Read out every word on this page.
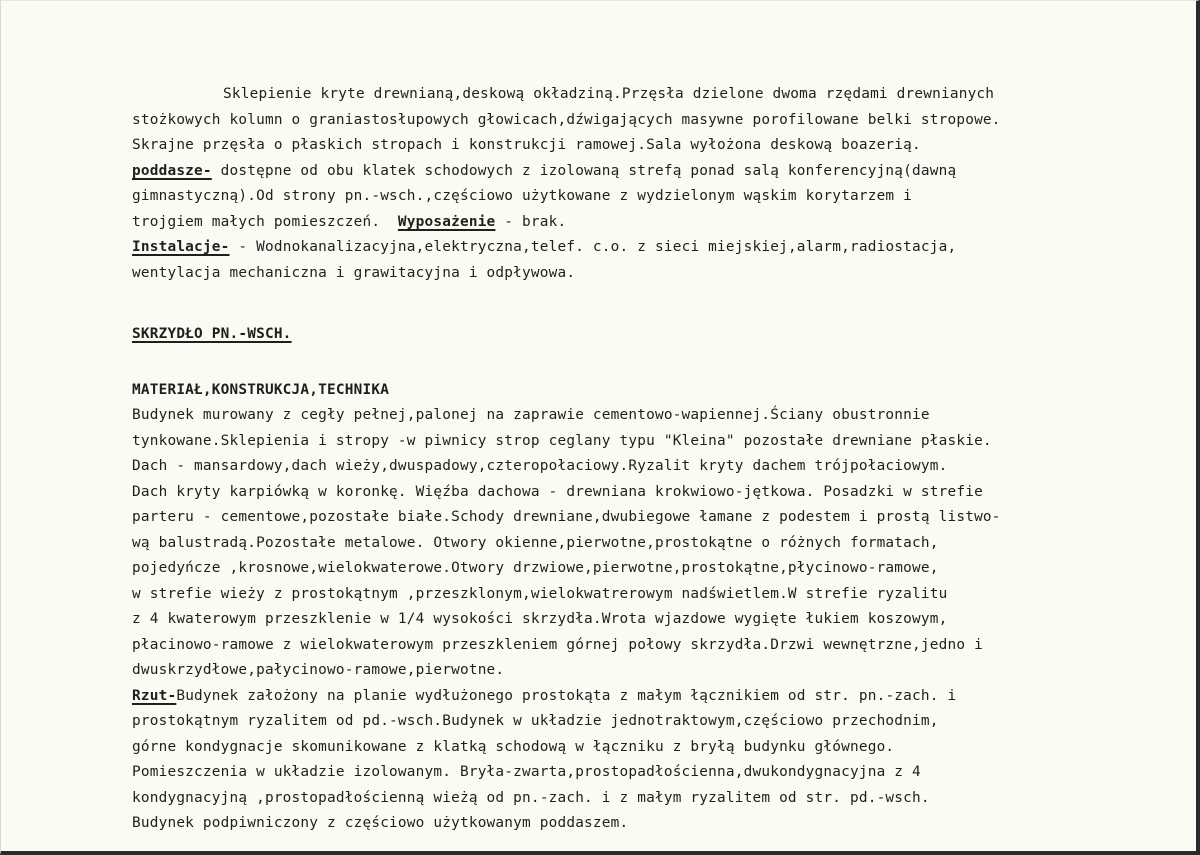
Sklepienie kryte drewnianą,deskową okładziną.Przęsła dzielone dwoma rzędami drewnianych
stożkowych kolumn o graniastosłupowych głowicach,dźwigających masywne porofilowane belki stropowe.
Skrajne przęsła o płaskich stropach i konstrukcji ramowej.Sala wyłożona deskową boazerią.
poddasze- dostępne od obu klatek schodowych z izolowaną strefą ponad salą konferencyjną(dawną
gimnastyczną).Od strony pn.-wsch.,częściowo użytkowane z wydzielonym wąskim korytarzem i
trojgiem małych pomieszczeń.  Wyposażenie - brak.
Instalacje- - Wodnokanalizacyjna,elektryczna,telef. c.o. z sieci miejskiej,alarm,radiostacja,
wentylacja mechaniczna i grawitacyjna i odpływowa.
SKRZYDŁO PN.-WSCH.
MATERIAŁ,KONSTRUKCJA,TECHNIKA
Budynek murowany z cegły pełnej,palonej na zaprawie cementowo-wapiennej.Ściany obustronnie
tynkowane.Sklepienia i stropy -w piwnicy strop ceglany typu "Kleina" pozostałe drewniane płaskie.
Dach - mansardowy,dach wieży,dwuspadowy,czteropołaciowy.Ryzalit kryty dachem trójpołaciowym.
Dach kryty karpiówką w koronkę. Więźba dachowa - drewniana krokwiowo-jętkowa. Posadzki w strefie
parteru - cementowe,pozostałe białe.Schody drewniane,dwubiegowe łamane z podestem i prostą listwo-
wą balustradą.Pozostałe metalowe. Otwory okienne,pierwotne,prostokątne o różnych formatach,
pojedyńcze ,krosnowe,wielokwaterowe.Otwory drzwiowe,pierwotne,prostokątne,płycinowo-ramowe,
w strefie wieży z prostokątnym ,przeszklonym,wielokwatrerowym nadświetlem.W strefie ryzalitu
z 4 kwaterowym przeszklenie w 1/4 wysokości skrzydła.Wrota wjazdowe wygięte łukiem koszowym,
płacinowo-ramowe z wielokwaterowym przeszkleniem górnej połowy skrzydła.Drzwi wewnętrzne,jedno i
dwuskrzydłowe,pałycinowo-ramowe,pierwotne.
Rzut-Budynek założony na planie wydłużonego prostokąta z małym łącznikiem od str. pn.-zach. i
prostokątnym ryzalitem od pd.-wsch.Budynek w układzie jednotraktowym,częściowo przechodnim,
górne kondygnacje skomunikowane z klatką schodową w łączniku z bryłą budynku głównego.
Pomieszczenia w układzie izolowanym. Bryła-zwarta,prostopadłościenna,dwukondygnacyjna z 4
kondygnacyjną ,prostopadłościenną wieżą od pn.-zach. i z małym ryzalitem od str. pd.-wsch.
Budynek podpiwniczony z częściowo użytkowanym poddaszem.
